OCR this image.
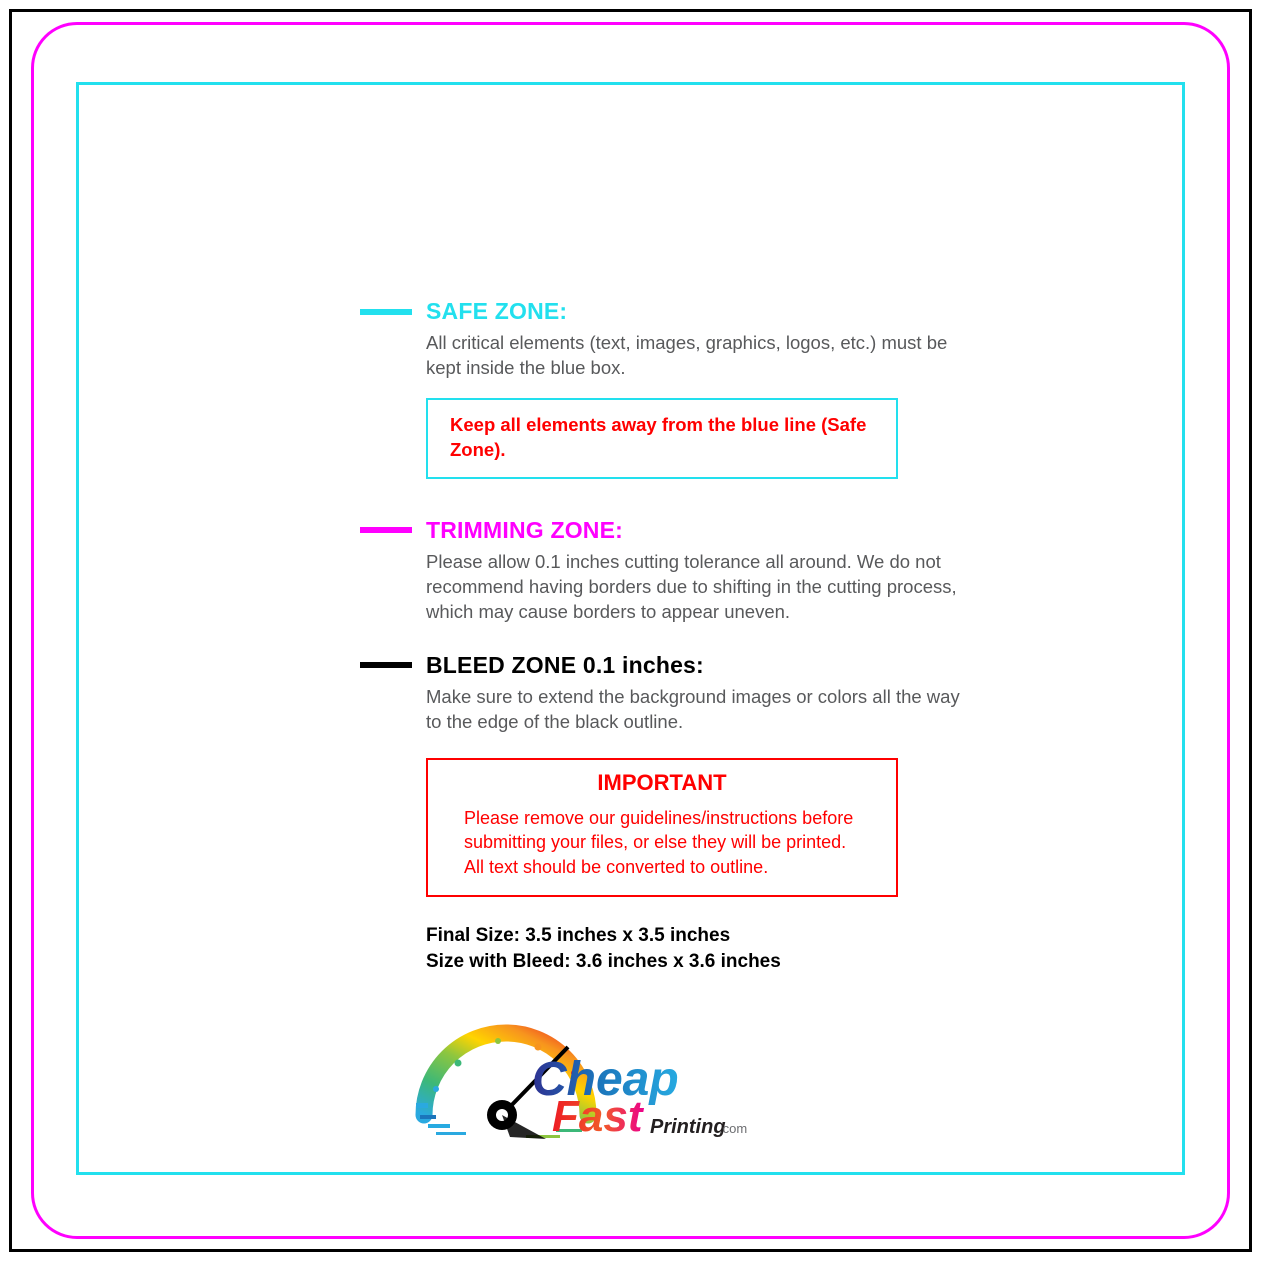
SAFE ZONE:
All critical elements (text, images, graphics, logos, etc.) must be kept inside the blue box.
Keep all elements away from the blue line (Safe Zone).
TRIMMING ZONE:
Please allow 0.1 inches cutting tolerance all around. We do not recommend having borders due to shifting in the cutting process, which may cause borders to appear uneven.
BLEED ZONE 0.1 inches:
Make sure to extend the background images or colors all the way to the edge of the black outline.
IMPORTANT
Please remove our guidelines/instructions before
submitting your files, or else they will be printed.
All text should be converted to outline.
Final Size: 3.5 inches x 3.5 inches
Size with Bleed: 3.6 inches x 3.6 inches
Cheap
Fast Printing
.com
